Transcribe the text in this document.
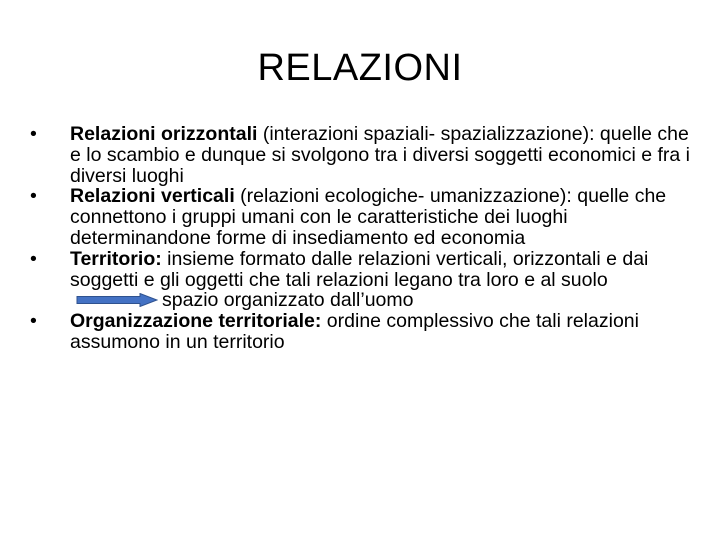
RELAZIONI
•	Relazioni orizzontali (interazioni spaziali- spazializzazione): quelle che e lo scambio e dunque si svolgono tra i diversi soggetti economici e fra i diversi luoghi
•	Relazioni verticali (relazioni ecologiche- umanizzazione): quelle che connettono i gruppi umani con le caratteristiche dei luoghi determinandone forme di insediamento ed economia
•	Territorio: insieme formato dalle relazioni verticali, orizzontali e dai soggetti e gli oggetti che tali relazioni legano tra loro e al suolo
spazio organizzato dall’uomo
•	Organizzazione territoriale: ordine complessivo che tali relazioni assumono in un territorio
